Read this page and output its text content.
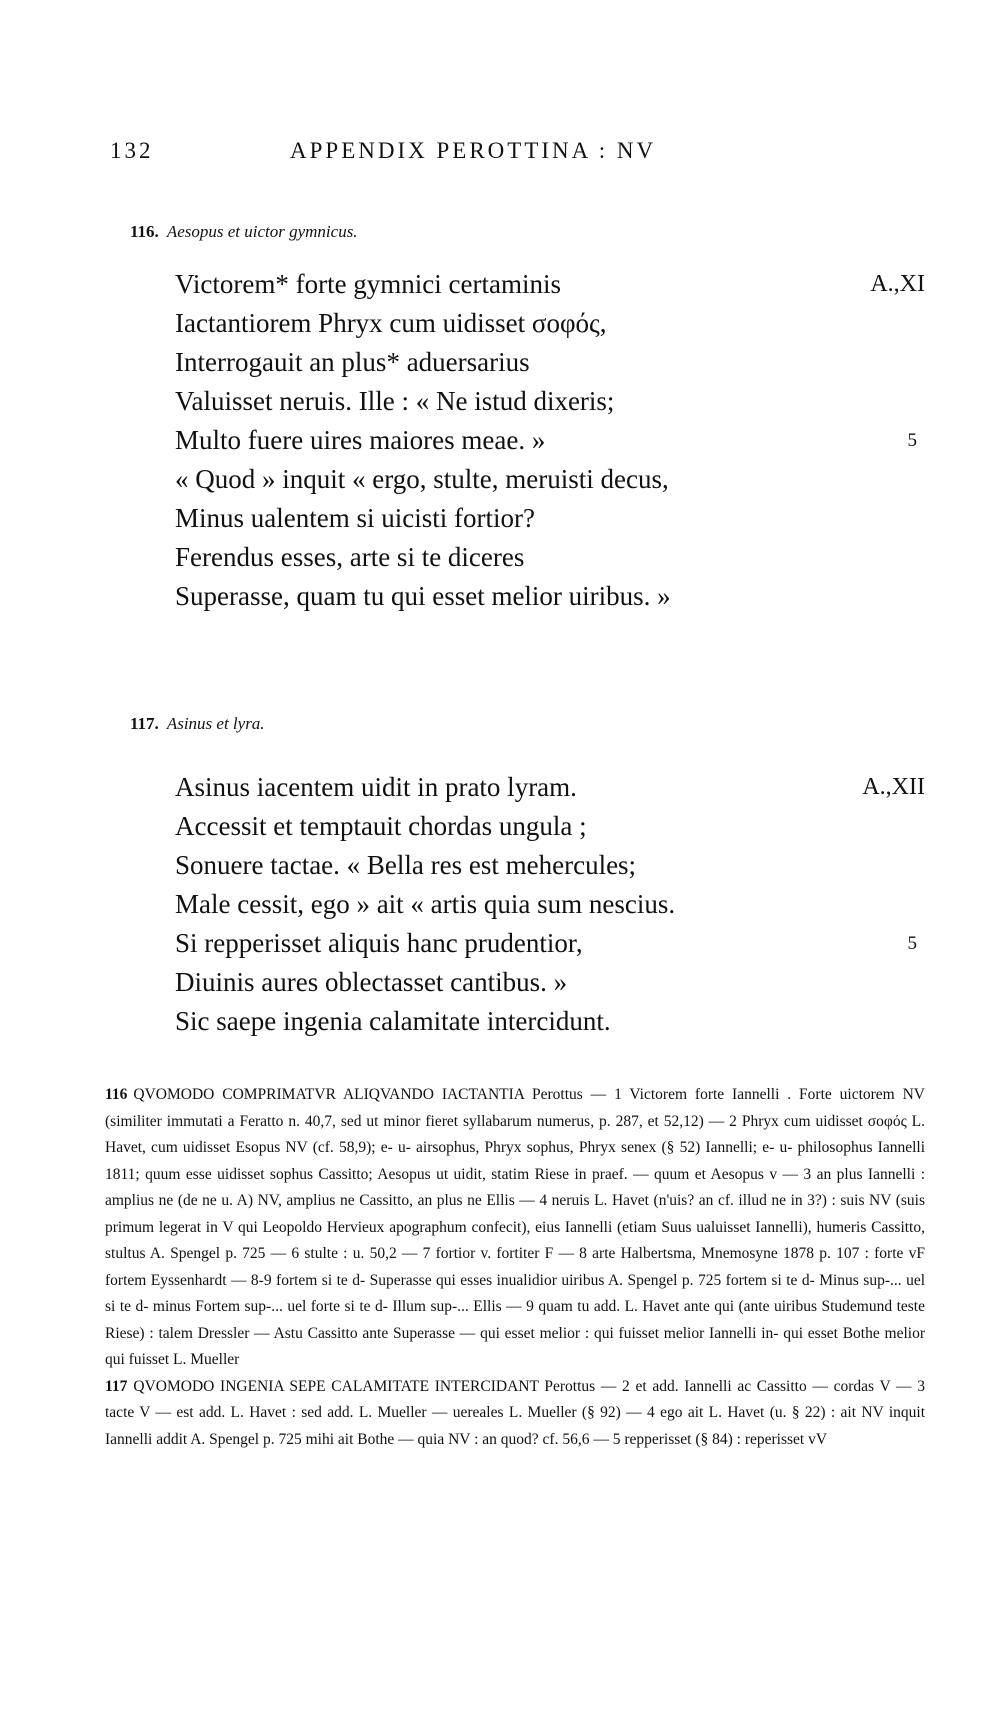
132	APPENDIX PEROTTINA : NV
116. Aesopus et uictor gymnicus.
Victorem* forte gymnici certaminis	A.,XI
Iactantiorem Phryx cum uidisset σοφός,
Interrogauit an plus* aduersarius
Valuisset neruis. Ille : « Ne istud dixeris;
Multo fuere uires maiores meae. »	5
« Quod » inquit « ergo, stulte, meruisti decus,
Minus ualentem si uicisti fortior?
Ferendus esses, arte si te diceres
Superasse, quam tu qui esset melior uiribus. »
117. Asinus et lyra.
Asinus iacentem uidit in prato lyram.	A.,XII
Accessit et temptauit chordas ungula ;
Sonuere tactae. « Bella res est mehercules;
Male cessit, ego » ait « artis quia sum nescius.
Si repperisset aliquis hanc prudentior,	5
Diuinis aures oblectasset cantibus. »
Sic saepe ingenia calamitate intercidunt.

116 QVOMODO COMPRIMATVR ALIQVANDO IACTANTIA Perottus — 1 Victorem forte Iannelli . Forte uictorem NV (similiter immutati a Feratto n. 40,7, sed ut minor fieret syllabarum numerus, p. 287, et 52,12) — 2 Phryx cum uidisset σοφός L. Havet, cum uidisset Esopus NV (cf. 58,9); e- u- airsophus, Phryx sophus, Phryx senex (§ 52) Iannelli; e- u- philosophus Iannelli 1811; quum esse uidisset sophus Cassitto; Aesopus ut uidit, statim Riese in praef. — quum et Aesopus v — 3 an plus Iannelli : amplius ne (de ne u. A) NV, amplius ne Cassitto, an plus ne Ellis — 4 neruis L. Havet (n'uis? an cf. illud ne in 3?) : suis NV (suis primum legerat in V qui Leopoldo Hervieux apographum confecit), eius Iannelli (etiam Suus ualuisset Iannelli), humeris Cassitto, stultus A. Spengel p. 725 — 6 stulte : u. 50,2 — 7 fortior v. fortiter F — 8 arte Halbertsma, Mnemosyne 1878 p. 107 : forte vF fortem Eyssenhardt — 8-9 fortem si te d- Superasse qui esses inualidior uiribus A. Spengel p. 725 fortem si te d- Minus sup-... uel si te d- minus Fortem sup-... uel forte si te d- Illum sup-... Ellis — 9 quam tu add. L. Havet ante qui (ante uiribus Studemund teste Riese) : talem Dressler — Astu Cassitto ante Superasse — qui esset melior : qui fuisset melior Iannelli in- qui esset Bothe melior qui fuisset L. Mueller

117 QVOMODO INGENIA SEPE CALAMITATE INTERCIDANT Perottus — 2 et add. Iannelli ac Cassitto — cordas V — 3 tacte V — est add. L. Havet : sed add. L. Mueller — uereales L. Mueller (§ 92) — 4 ego ait L. Havet (u. § 22) : ait NV inquit Iannelli addit A. Spengel p. 725 mihi ait Bothe — quia NV : an quod? cf. 56,6 — 5 repperisset (§ 84) : reperisset vV
